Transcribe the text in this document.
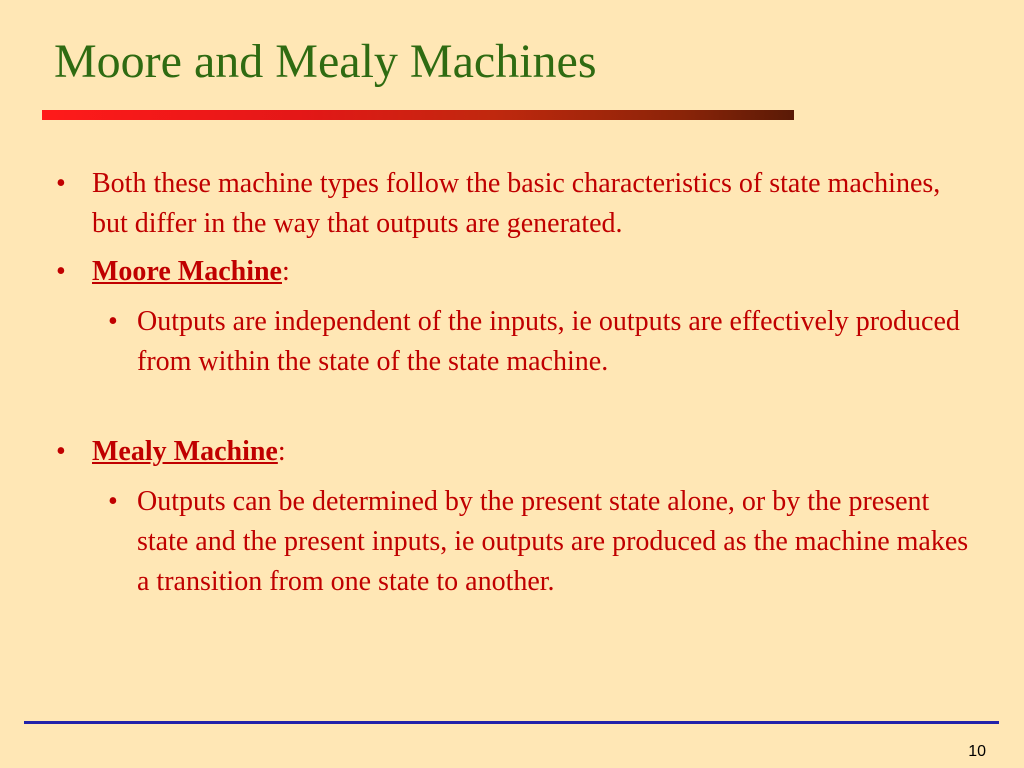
Moore and Mealy Machines
• Both these machine types follow the basic characteristics of state machines, but differ in the way that outputs are generated.
• Moore Machine:
• Outputs are independent of the inputs, ie outputs are effectively produced from within the state of the state machine.
• Mealy Machine:
• Outputs can be determined by the present state alone, or by the present state and the present inputs, ie outputs are produced as the machine makes a transition from one state to another.
10
